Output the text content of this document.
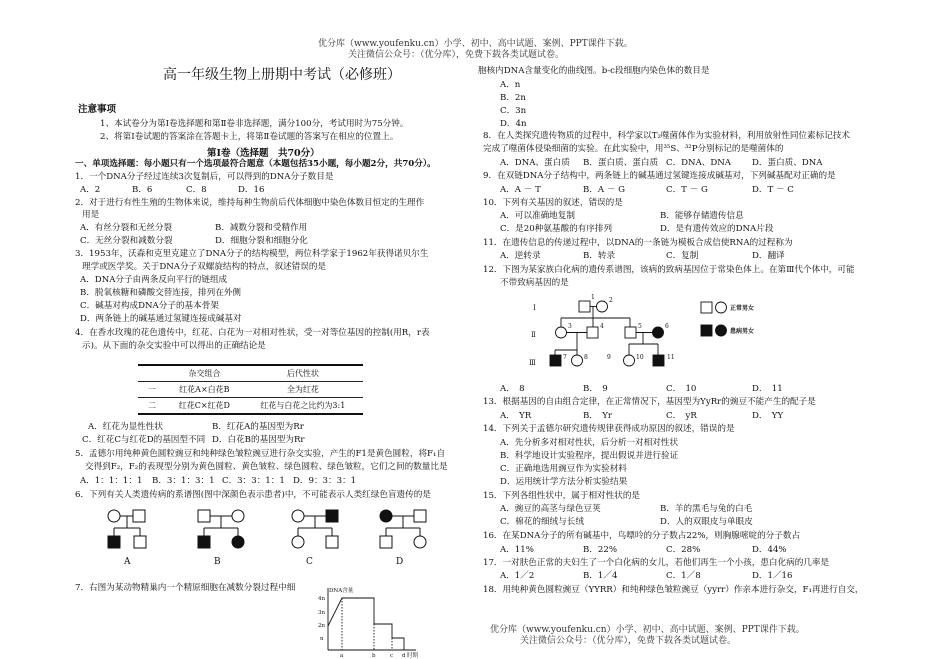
优分库（www.youfenku.cn）小学、初中、高中试题、案例、PPT课件下载。
关注微信公众号：（优分库），免费下载各类试题试卷。
优分库（www.youfenku.cn）小学、初中、高中试题、案例、PPT课件下载。
关注微信公众号：（优分库），免费下载各类试题试卷。
高一年级生物上册期中考试（必修班）
注意事项
1、本试卷分为第Ⅰ卷选择题和第Ⅱ卷非选择题，满分100分，考试用时为75分钟。
2、将第Ⅰ卷试题的答案涂在答题卡上，将第Ⅱ卷试题的答案写在相应的位置上。
第Ⅰ卷（选择题　共70分）
一、单项选择题：每小题只有一个选项最符合题意（本题包括35小题，每小题2分，共70分）。
1．一个DNA分子经过连续3次复制后，可以得到的DNA分子数目是
A．2	B．6	C．8	D．16
2．对于进行有性生殖的生物体来说，维持每种生物前后代体细胞中染色体数目恒定的生理作
用是
A．有丝分裂和无丝分裂	B．减数分裂和受精作用
C．无丝分裂和减数分裂	D．细胞分裂和细胞分化
3．1953年，沃森和克里克建立了DNA分子的结构模型，两位科学家于1962年获得诺贝尔生
理学或医学奖。关于DNA分子双螺旋结构的特点，叙述错误的是
A．DNA分子由两条反向平行的链组成
B．脱氧核糖和磷酸交替连接，排列在外侧
C．碱基对构成DNA分子的基本骨架
D．两条链上的碱基通过氢键连接成碱基对
4．在香水玫瑰的花色遗传中，红花、白花为一对相对性状，受一对等位基因的控制(用R，r表
示)。从下面的杂交实验中可以得出的正确结论是
	杂交组合	后代性状
一	红花A×白花B	全为红花
二	红花C×红花D	红花与白花之比约为3:1
A．红花为显性性状	B．红花A的基因型为Rr
C．红花C与红花D的基因型不同 D．白花B的基因型为Rr
5．孟德尔用纯种黄色圆粒豌豆和纯种绿色皱粒豌豆进行杂交实验，产生的F1是黄色圆粒，将F₁自
交得到F₂，F₂的表现型分别为黄色圆粒、黄色皱粒、绿色圆粒、绿色皱粒，它们之间的数量比是
A．1：1：1：1 B．3：1：3：1 C．3：3：1：1 D．9：3：3：1
6．下列有关人类遗传病的系谱图(图中深颜色表示患者)中，不可能表示人类红绿色盲遗传的是
A	B	C	D
7．右图为某动物精巢内一个精原细胞在减数分裂过程中细	DNA含量
4n
3n
2n
n
a	b	c d 时期
胞核内DNA含量变化的曲线图。b-c段细胞内染色体的数目是
A．n
B．2n
C．3n
D．4n
8．在人类探究遗传物质的过程中，科学家以T₂噬菌体作为实验材料，利用放射性同位素标记技术
完成了噬菌体侵染细菌的实验。在此实验中，用³⁵S、³²P分别标记的是噬菌体的
A．DNA、蛋白质 B．蛋白质、蛋白质 C．DNA、DNA D．蛋白质、DNA
9．在双链DNA分子结构中，两条链上的碱基通过氢键连接成碱基对，下列碱基配对正确的是
A．A － T	B．A － G	C．T － G	D．T － C
10．下列有关基因的叙述，错误的是
A．可以准确地复制	B．能够存储遗传信息
C．是20种氨基酸的有序排列	D．是有遗传效应的DNA片段
11．在遗传信息的传递过程中，以DNA的一条链为模板合成信使RNA的过程称为
A．逆转录	B．转录	C．复制	D．翻译
12．下图为某家族白化病的遗传系谱图，该病的致病基因位于常染色体上。在第Ⅲ代个体中，可能
不带致病基因的是
Ⅰ
Ⅱ
Ⅲ
1 2
3	4	5	6
7	8	9	10	11
正常男女
患病男女
A．　8	B．　9	C．　10	D．　11
13．根据基因的自由组合定律，在正常情况下，基因型为YyRr的豌豆不能产生的配子是
A．　YR	B．　Yr	C．　yR	D．　YY
14．下列关于孟德尔研究遗传规律获得成功原因的叙述，错误的是
A．先分析多对相对性状，后分析一对相对性状
B．科学地设计实验程序，提出假说并进行验证
C．正确地选用豌豆作为实验材料
D．运用统计学方法分析实验结果
15．下列各组性状中，属于相对性状的是
A．豌豆的高茎与绿色豆荚	B．羊的黑毛与兔的白毛
C．棉花的细绒与长绒	D．人的双眼皮与单眼皮
16．在某DNA分子的所有碱基中，鸟嘌呤的分子数占22%，则胸腺嘧啶的分子数占
A．11%	B．22%	C．28%	D．44%
17．一对肤色正常的夫妇生了一个白化病的女儿，若他们再生一个小孩，患白化病的几率是
A．1／2	B．1／4	C．1／8	D．1／16
18．用纯种黄色圆粒豌豆（YYRR）和纯种绿色皱粒豌豆（yyrr）作亲本进行杂交，F₁再进行自交，
